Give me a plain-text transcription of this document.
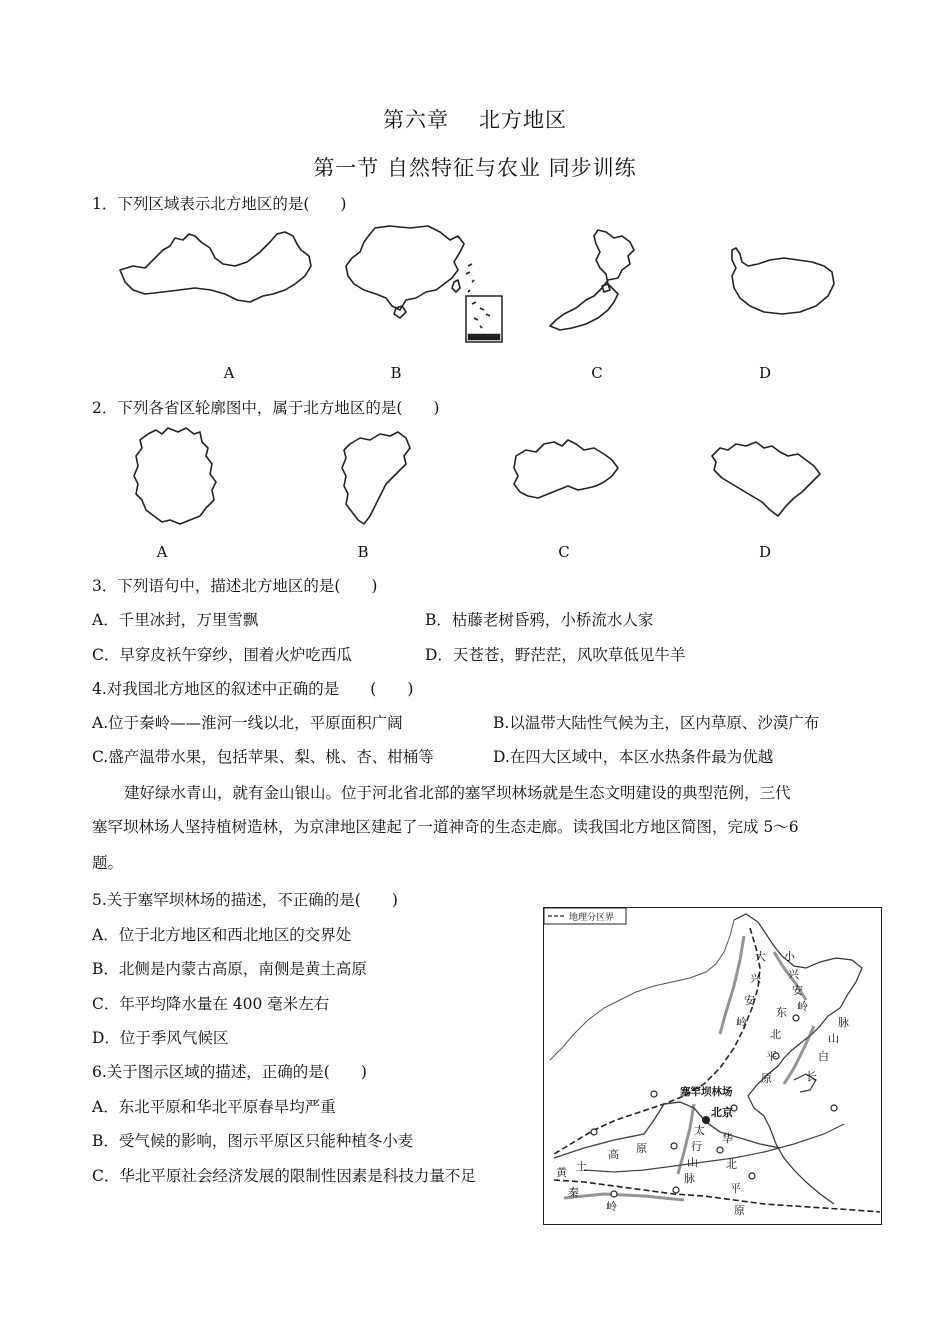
第六章 北方地区
第一节 自然特征与农业 同步训练
1．下列区域表示北方地区的是(　　)
A	B	C	D
2．下列各省区轮廓图中，属于北方地区的是(　　)
A	B	C	D
3．下列语句中，描述北方地区的是(　　)
A．千里冰封，万里雪飘	B．枯藤老树昏鸦，小桥流水人家
C．早穿皮袄午穿纱，围着火炉吃西瓜	D．天苍苍，野茫茫，风吹草低见牛羊
4.对我国北方地区的叙述中正确的是　　(　　)
A.位于秦岭——淮河一线以北，平原面积广阔	B.以温带大陆性气候为主，区内草原、沙漠广布
C.盛产温带水果，包括苹果、梨、桃、杏、柑桶等	D.在四大区域中，本区水热条件最为优越
建好绿水青山，就有金山银山。位于河北省北部的塞罕坝林场就是生态文明建设的典型范例，三代
塞罕坝林场人坚持植树造林，为京津地区建起了一道神奇的生态走廊。读我国北方地区简图，完成 5～6
题。
5.关于塞罕坝林场的描述，不正确的是(　　)
A．位于北方地区和西北地区的交界处
B．北侧是内蒙古高原，南侧是黄土高原
C．年平均降水量在 400 毫米左右
D．位于季风气候区
6.关于图示区域的描述，正确的是(　　)
A．东北平原和华北平原春旱均严重
B．受气候的影响，图示平原区只能种植冬小麦
C．华北平原社会经济发展的限制性因素是科技力量不足
地理分区界
大
兴
安
岭
小
兴
安
岭
东
北
平
原
脉
山
白
长
塞罕坝林场
北京
太
行
山
脉
黄 土
高 原
华
北
平
原
秦
岭
